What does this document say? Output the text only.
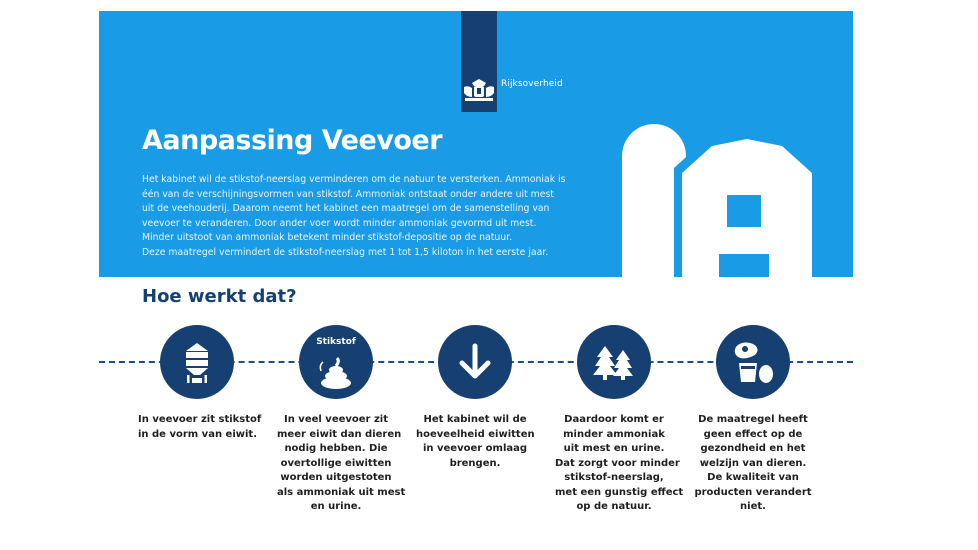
Rijksoverheid
Aanpassing Veevoer
Het kabinet wil de stikstof-neerslag verminderen om de natuur te versterken. Ammoniak is
één van de verschijningsvormen van stikstof. Ammoniak ontstaat onder andere uit mest
uit de veehouderij. Daarom neemt het kabinet een maatregel om de samenstelling van
veevoer te veranderen. Door ander voer wordt minder ammoniak gevormd uit mest.
Minder uitstoot van ammoniak betekent minder stikstof-depositie op de natuur.
Deze maatregel vermindert de stikstof-neerslag met 1 tot 1,5 kiloton in het eerste jaar.
Hoe werkt dat?
Stikstof
In veevoer zit stikstof
in de vorm van eiwit.
In veel veevoer zit
meer eiwit dan dieren
nodig hebben. Die
overtollige eiwitten
worden uitgestoten
als ammoniak uit mest
en urine.
Het kabinet wil de
hoeveelheid eiwitten
in veevoer omlaag
brengen.
Daardoor komt er
minder ammoniak
uit mest en urine.
Dat zorgt voor minder
stikstof-neerslag,
met een gunstig effect
op de natuur.
De maatregel heeft
geen effect op de
gezondheid en het
welzijn van dieren.
De kwaliteit van
producten verandert
niet.
